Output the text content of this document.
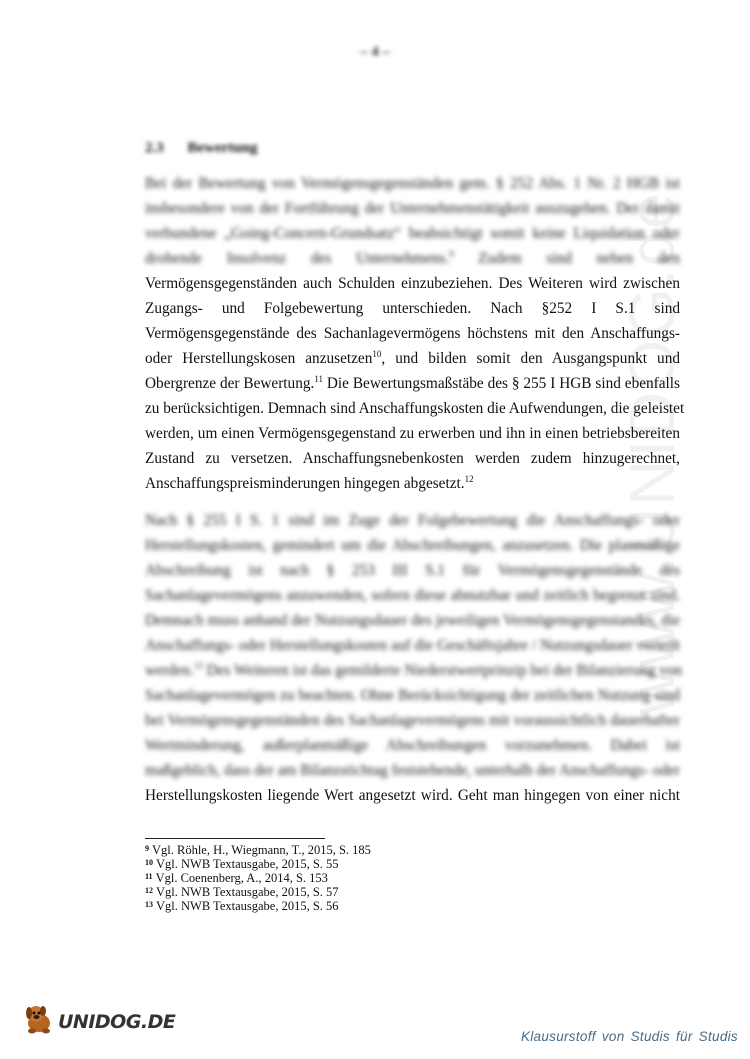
– 4 –
www.UNIDOG.de
2.3 Bewertung
Bei der Bewertung von Vermögensgegenständen gem. § 252 Abs. 1 Nr. 2 HGB ist
insbesondere von der Fortführung der Unternehmenstätigkeit auszugehen. Der damit
verbundene „Going-Concern-Grundsatz“ beabsichtigt somit keine Liquidation oder
drohende Insolvenz des Unternehmens.$^9$ Zudem sind neben den
Vermögensgegenständen auch Schulden einzubeziehen. Des Weiteren wird zwischen
Zugangs- und Folgebewertung unterschieden. Nach §252 I S.1 sind
Vermögensgegenstände des Sachanlagevermögens höchstens mit den Anschaffungs-
oder Herstellungskosen anzusetzen$^{10}$, und bilden somit den Ausgangspunkt und
Obergrenze der Bewertung.$^{11}$ Die Bewertungsmaßstäbe des § 255 I HGB sind ebenfalls
zu berücksichtigen. Demnach sind Anschaffungskosten die Aufwendungen, die geleistet
werden, um einen Vermögensgegenstand zu erwerben und ihn in einen betriebsbereiten
Zustand zu versetzen. Anschaffungsnebenkosten werden zudem hinzugerechnet,
Anschaffungspreisminderungen hingegen abgesetzt.$^{12}$
Nach § 255 I S. 1 sind im Zuge der Folgebewertung die Anschaffungs- oder
Herstellungskosten, gemindert um die Abschreibungen, anzusetzen. Die planmäßige
Abschreibung ist nach § 253 III S.1 für Vermögensgegenstände des
Sachanlagevermögens anzuwenden, sofern diese abnutzbar und zeitlich begrenzt sind.
Demnach muss anhand der Nutzungsdauer des jeweiligen Vermögensgegenstandes, die
Anschaffungs- oder Herstellungskosten auf die Geschäftsjahre / Nutzungsdauer verteilt
werden.$^{13}$ Des Weiteren ist das gemilderte Niederstwertprinzip bei der Bilanzierung von
Sachanlagevermögen zu beachten. Ohne Berücksichtigung der zeitlichen Nutzung sind
bei Vermögensgegenständen des Sachanlagevermögens mit voraussichtlich dauerhafter
Wertminderung, außerplanmäßige Abschreibungen vorzunehmen. Dabei ist
maßgeblich, dass der am Bilanzstichtag feststehende, unterhalb der Anschaffungs- oder
Herstellungskosten liegende Wert angesetzt wird. Geht man hingegen von einer nicht
$^9$ Vgl. Röhle, H., Wiegmann, T., 2015, S. 185
$^{10}$ Vgl. NWB Textausgabe, 2015, S. 55
$^{11}$ Vgl. Coenenberg, A., 2014, S. 153
$^{12}$ Vgl. NWB Textausgabe, 2015, S. 57
$^{13}$ Vgl. NWB Textausgabe, 2015, S. 56
UNIDOG.DE
Klausurstoff von Studis für Studis
